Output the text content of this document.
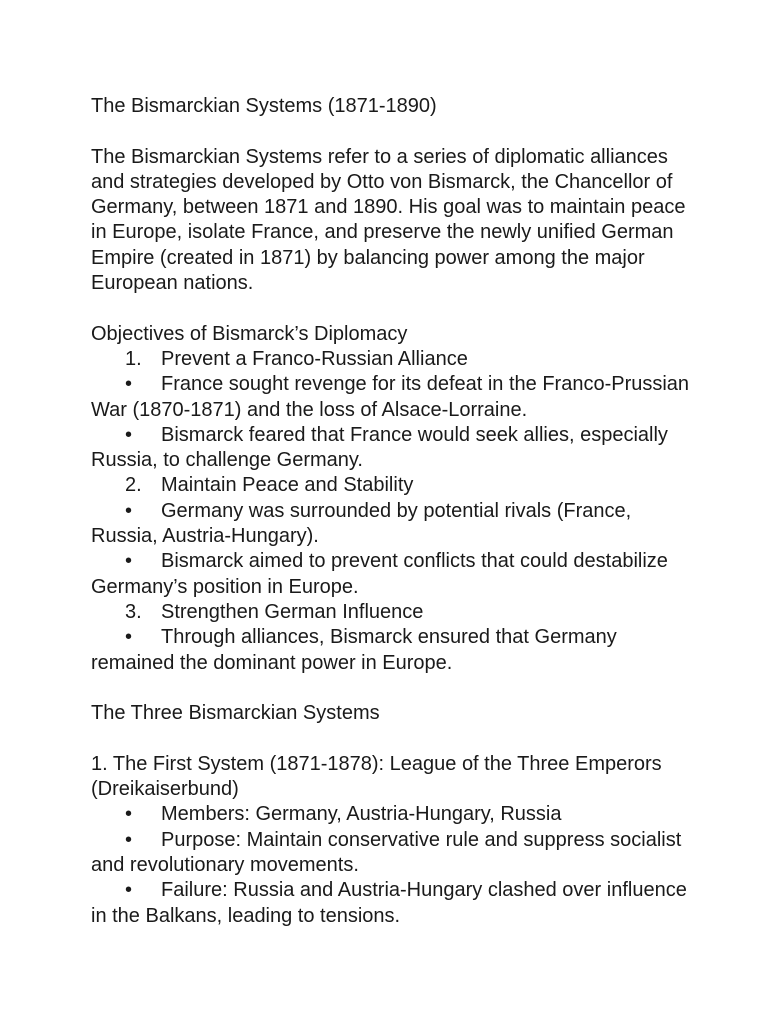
The Bismarckian Systems (1871-1890)

The Bismarckian Systems refer to a series of diplomatic alliances and strategies developed by Otto von Bismarck, the Chancellor of Germany, between 1871 and 1890. His goal was to maintain peace in Europe, isolate France, and preserve the newly unified German Empire (created in 1871) by balancing power among the major European nations.

Objectives of Bismarck’s Diplomacy

1. Prevent a Franco-Russian Alliance

• France sought revenge for its defeat in the Franco-Prussian War (1870-1871) and the loss of Alsace-Lorraine.

• Bismarck feared that France would seek allies, especially Russia, to challenge Germany.

2. Maintain Peace and Stability

• Germany was surrounded by potential rivals (France, Russia, Austria-Hungary).

• Bismarck aimed to prevent conflicts that could destabilize Germany’s position in Europe.

3. Strengthen German Influence

• Through alliances, Bismarck ensured that Germany remained the dominant power in Europe.

The Three Bismarckian Systems

1. The First System (1871-1878): League of the Three Emperors (Dreikaiserbund)

• Members: Germany, Austria-Hungary, Russia

• Purpose: Maintain conservative rule and suppress socialist and revolutionary movements.

• Failure: Russia and Austria-Hungary clashed over influence in the Balkans, leading to tensions.
